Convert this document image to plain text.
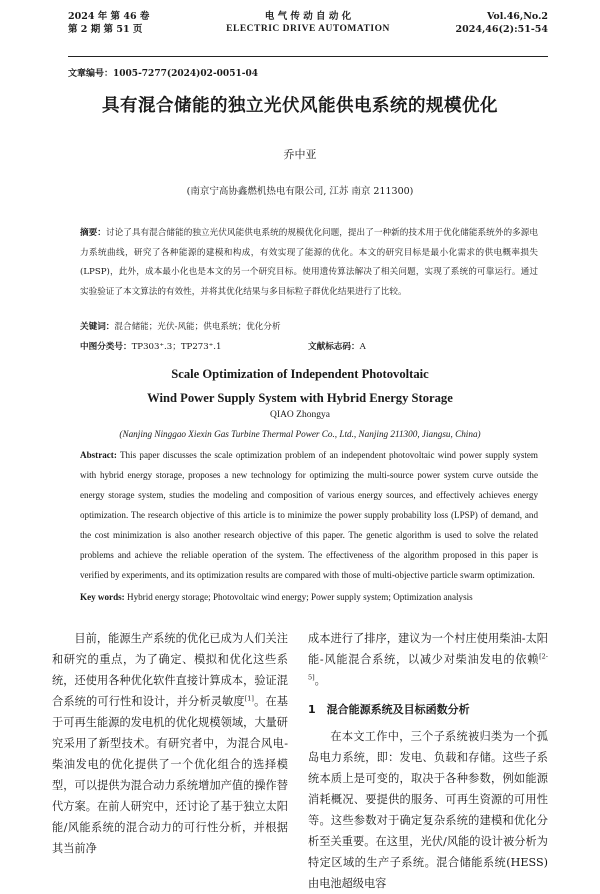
2024 年 第 46 卷
第 2 期 第 51 页
电 气 传 动 自 动 化
ELECTRIC DRIVE AUTOMATION
Vol.46,No.2
2024,46(2):51-54
文章编号：1005-7277(2024)02-0051-04
具有混合储能的独立光伏风能供电系统的规模优化
乔中亚
(南京宁高协鑫燃机热电有限公司, 江苏 南京 211300)
摘要：讨论了具有混合储能的独立光伏风能供电系统的规模优化问题，提出了一种新的技术用于优化储能系统外的多源电力系统曲线，研究了各种能源的建模和构成，有效实现了能源的优化。本文的研究目标是最小化需求的供电概率损失(LPSP)，此外，成本最小化也是本文的另一个研究目标。使用遗传算法解决了相关问题，实现了系统的可靠运行。通过实验验证了本文算法的有效性，并将其优化结果与多目标粒子群优化结果进行了比较。
关键词：混合储能；光伏-风能；供电系统；优化分析
中图分类号：TP303⁺.3；TP273⁺.1	文献标志码：A
Scale Optimization of Independent Photovoltaic
Wind Power Supply System with Hybrid Energy Storage
QIAO Zhongya
(Nanjing Ninggao Xiexin Gas Turbine Thermal Power Co., Ltd., Nanjing 211300, Jiangsu, China)
Abstract: This paper discusses the scale optimization problem of an independent photovoltaic wind power supply system with hybrid energy storage, proposes a new technology for optimizing the multi-source power system curve outside the energy storage system, studies the modeling and composition of various energy sources, and effectively achieves energy optimization. The research objective of this article is to minimize the power supply probability loss (LPSP) of demand, and the cost minimization is also another research objective of this paper. The genetic algorithm is used to solve the related problems and achieve the reliable operation of the system. The effectiveness of the algorithm proposed in this paper is verified by experiments, and its optimization results are compared with those of multi-objective particle swarm optimization.
Key words: Hybrid energy storage; Photovoltaic wind energy; Power supply system; Optimization analysis

目前，能源生产系统的优化已成为人们关注和研究的重点，为了确定、模拟和优化这些系统，还使用各种优化软件直接计算成本，验证混合系统的可行性和设计，并分析灵敏度[1]。在基于可再生能源的发电机的优化规模领域，大量研究采用了新型技术。有研究者中，为混合风电-柴油发电的优化提供了一个优化组合的选择模型，可以提供为混合动力系统增加产值的操作替代方案。在前人研究中，还讨论了基于独立太阳能/风能系统的混合动力的可行性分析，并根据其当前净

成本进行了排序，建议为一个村庄使用柴油-太阳能-风能混合系统，以减少对柴油发电的依赖[2-5]。

1　混合能源系统及目标函数分析

在本文工作中，三个子系统被归类为一个孤岛电力系统，即：发电、负载和存储。这些子系统本质上是可变的，取决于各种参数，例如能源消耗概况、要提供的服务、可再生资源的可用性等。这些参数对于确定复杂系统的建模和优化分析至关重要。在这里，光伏/风能的设计被分析为特定区域的生产子系统。混合储能系统(HESS)由电池超级电容
